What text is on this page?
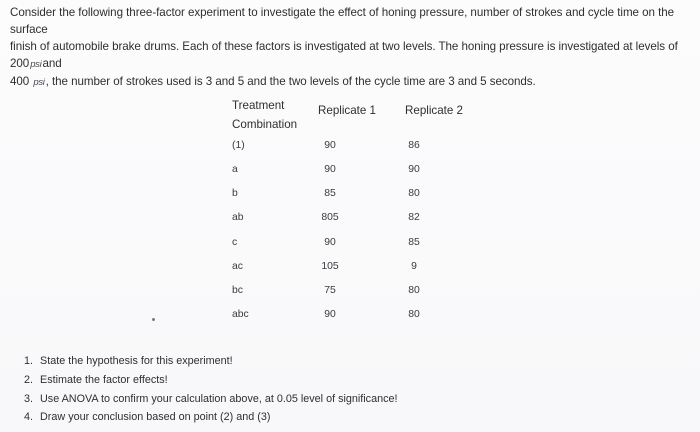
Consider the following three-factor experiment to investigate the effect of honing pressure, number of strokes and cycle time on the surface
finish of automobile brake drums. Each of these factors is investigated at two levels. The honing pressure is investigated at levels of 200psiand
400 psi, the number of strokes used is 3 and 5 and the two levels of the cycle time are 3 and 5 seconds.
Treatment
Combination
Replicate 1 Replicate 2
(1)	90	86
a	90	90
b	85	80
ab	805	82
c	90	85
ac	105	9
bc	75	80
abc	90	80
1. State the hypothesis for this experiment!
2. Estimate the factor effects!
3. Use ANOVA to confirm your calculation above, at 0.05 level of significance!
4. Draw your conclusion based on point (2) and (3)
